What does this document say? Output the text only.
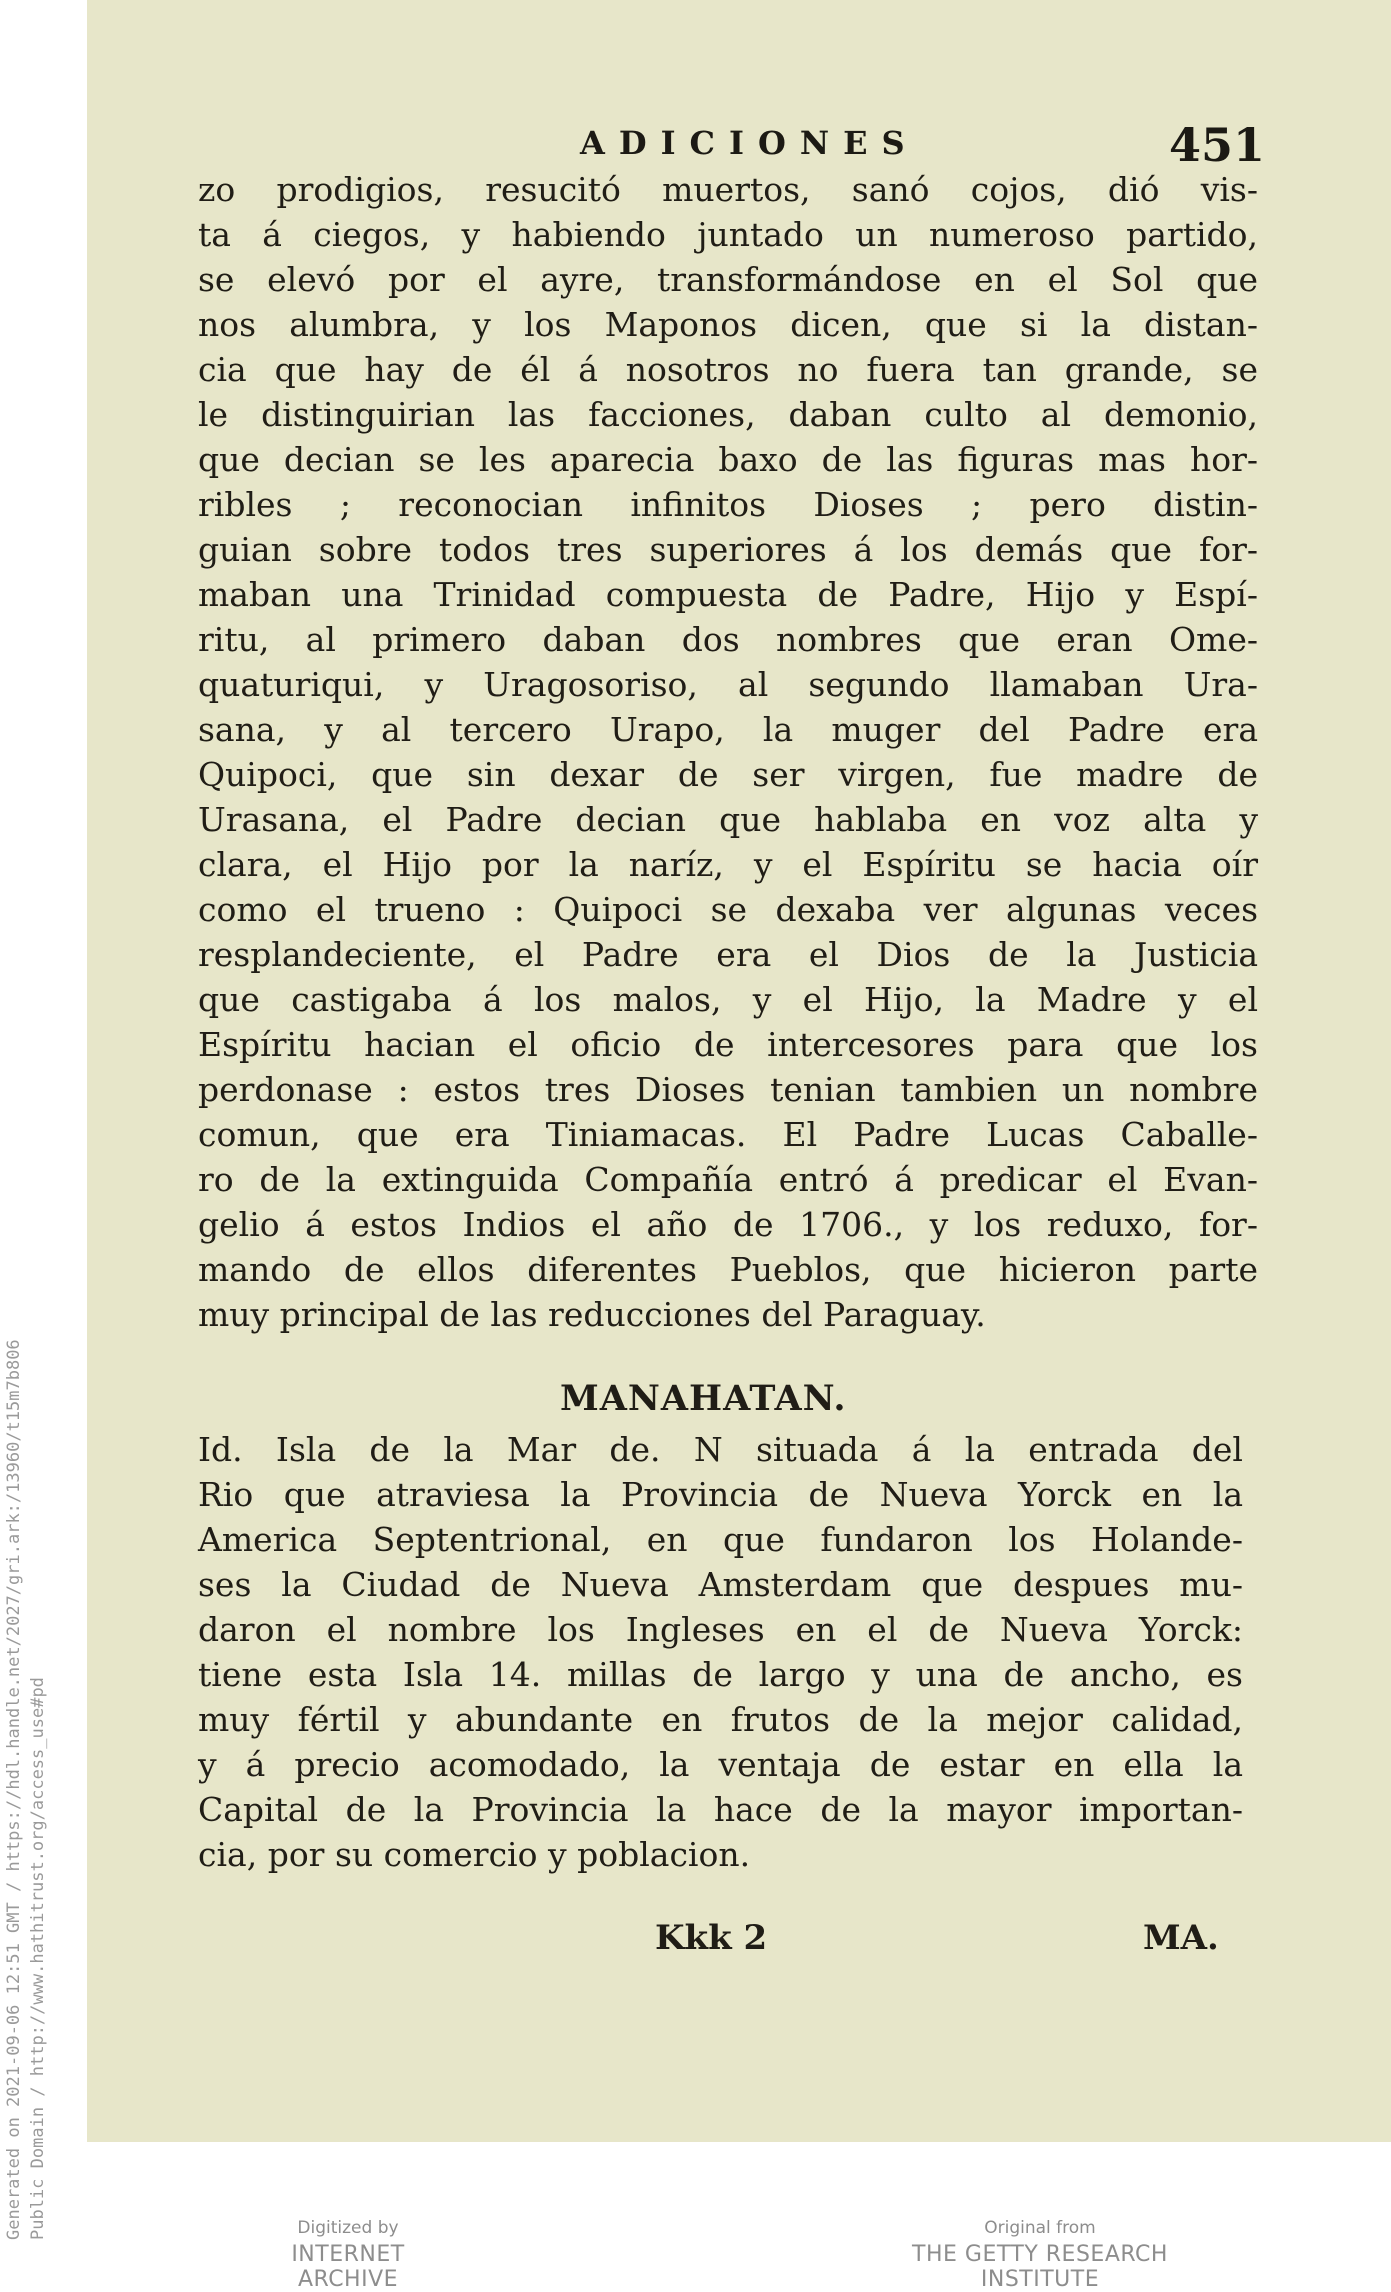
Generated on 2021-09-06 12:51 GMT / https://hdl.handle.net/2027/gri.ark:/13960/t15m7b806 Public Domain / http://www.hathitrust.org/access_use#pd
ADICIONES	451
zo prodigios, resucitó muertos, sanó cojos, dió vis-
ta á ciegos, y habiendo juntado un numeroso partido,
se elevó por el ayre, transformándose en el Sol que
nos alumbra, y los Maponos dicen, que si la distan-
cia que hay de él á nosotros no fuera tan grande, se
le distinguirian las facciones, daban culto al demonio,
que decian se les aparecia baxo de las figuras mas hor-
ribles ; reconocian infinitos Dioses ; pero distin-
guian sobre todos tres superiores á los demás que for-
maban una Trinidad compuesta de Padre, Hijo y Espí-
ritu, al primero daban dos nombres que eran Ome-
quaturiqui, y Uragosoriso, al segundo llamaban Ura-
sana, y al tercero Urapo, la muger del Padre era
Quipoci, que sin dexar de ser virgen, fue madre de
Urasana, el Padre decian que hablaba en voz alta y
clara, el Hijo por la naríz, y el Espíritu se hacia oír
como el trueno : Quipoci se dexaba ver algunas veces
resplandeciente, el Padre era el Dios de la Justicia
que castigaba á los malos, y el Hijo, la Madre y el
Espíritu hacian el oficio de intercesores para que los
perdonase : estos tres Dioses tenian tambien un nombre
comun, que era Tiniamacas. El Padre Lucas Caballe-
ro de la extinguida Compañía entró á predicar el Evan-
gelio á estos Indios el año de 1706., y los reduxo, for-
mando de ellos diferentes Pueblos, que hicieron parte
muy principal de las reducciones del Paraguay.
MANAHATAN.
Id. Isla de la Mar de. N situada á la entrada del
Rio que atraviesa la Provincia de Nueva Yorck en la
America Septentrional, en que fundaron los Holande-
ses la Ciudad de Nueva Amsterdam que despues mu-
daron el nombre los Ingleses en el de Nueva Yorck:
tiene esta Isla 14. millas de largo y una de ancho, es
muy fértil y abundante en frutos de la mejor calidad,
y á precio acomodado, la ventaja de estar en ella la
Capital de la Provincia la hace de la mayor importan-
cia, por su comercio y poblacion.
Kkk 2	MA.
Digitized by
INTERNET ARCHIVE
Original from
THE GETTY RESEARCH INSTITUTE
